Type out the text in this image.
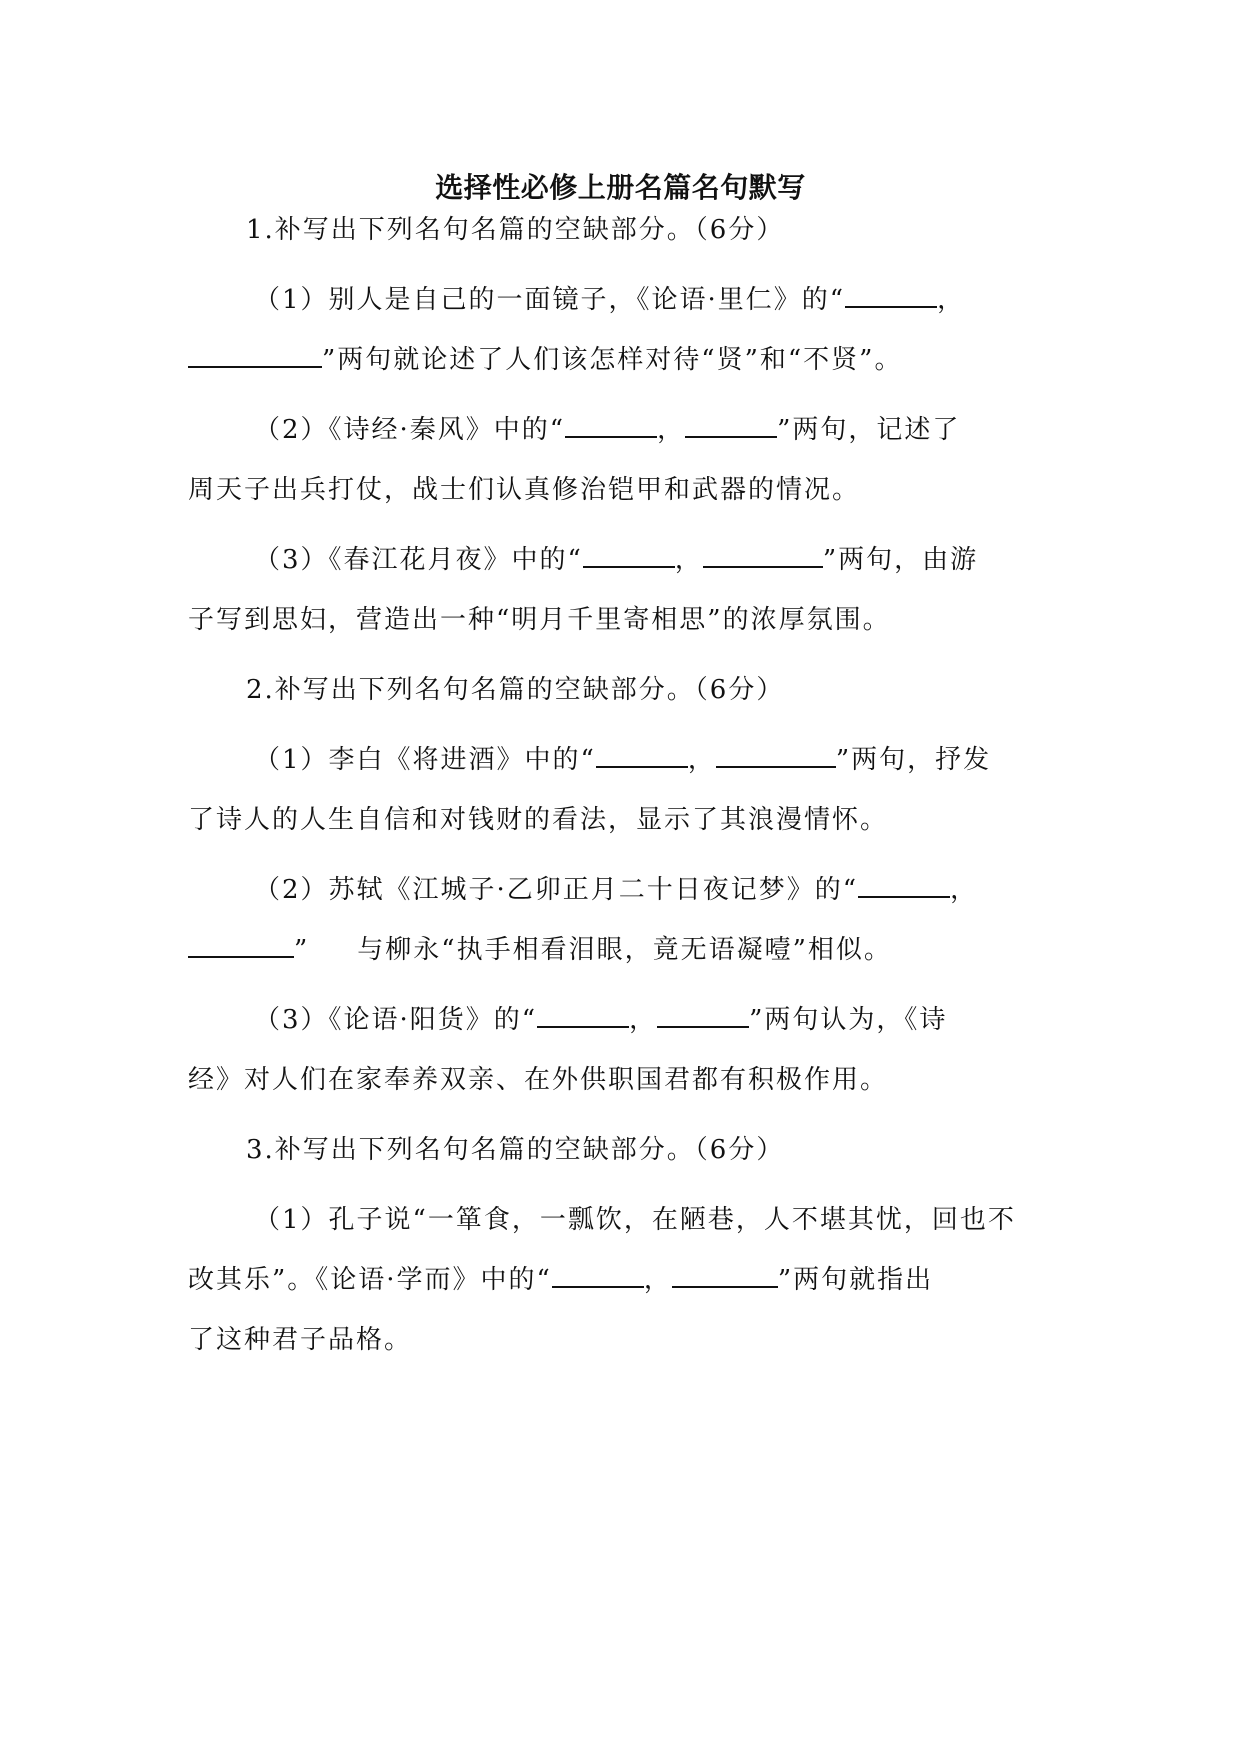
选择性必修上册名篇名句默写
1.补写出下列名句名篇的空缺部分。（6分）
（1）别人是自己的一面镜子，《论语·里仁》的“	，
”两句就论述了人们该怎样对待“贤”和“不贤”。
（2）《诗经·秦风》中的“	，	”两句，记述了
周天子出兵打仗，战士们认真修治铠甲和武器的情况。
（3）《春江花月夜》中的“	，	”两句，由游
子写到思妇，营造出一种“明月千里寄相思”的浓厚氛围。
2.补写出下列名句名篇的空缺部分。（6分）
（1）李白《将进酒》中的“	，	”两句，抒发
了诗人的人生自信和对钱财的看法，显示了其浪漫情怀。
（2）苏轼《江城子·乙卯正月二十日夜记梦》的“	，
” 与柳永“执手相看泪眼，竟无语凝噎”相似。
（3）《论语·阳货》的“	，	”两句认为，《诗
经》对人们在家奉养双亲、在外供职国君都有积极作用。
3.补写出下列名句名篇的空缺部分。（6分）
（1）孔子说“一箪食，一瓢饮，在陋巷，人不堪其忧，回也不
改其乐”。《论语·学而》中的“	，	”两句就指出
了这种君子品格。
